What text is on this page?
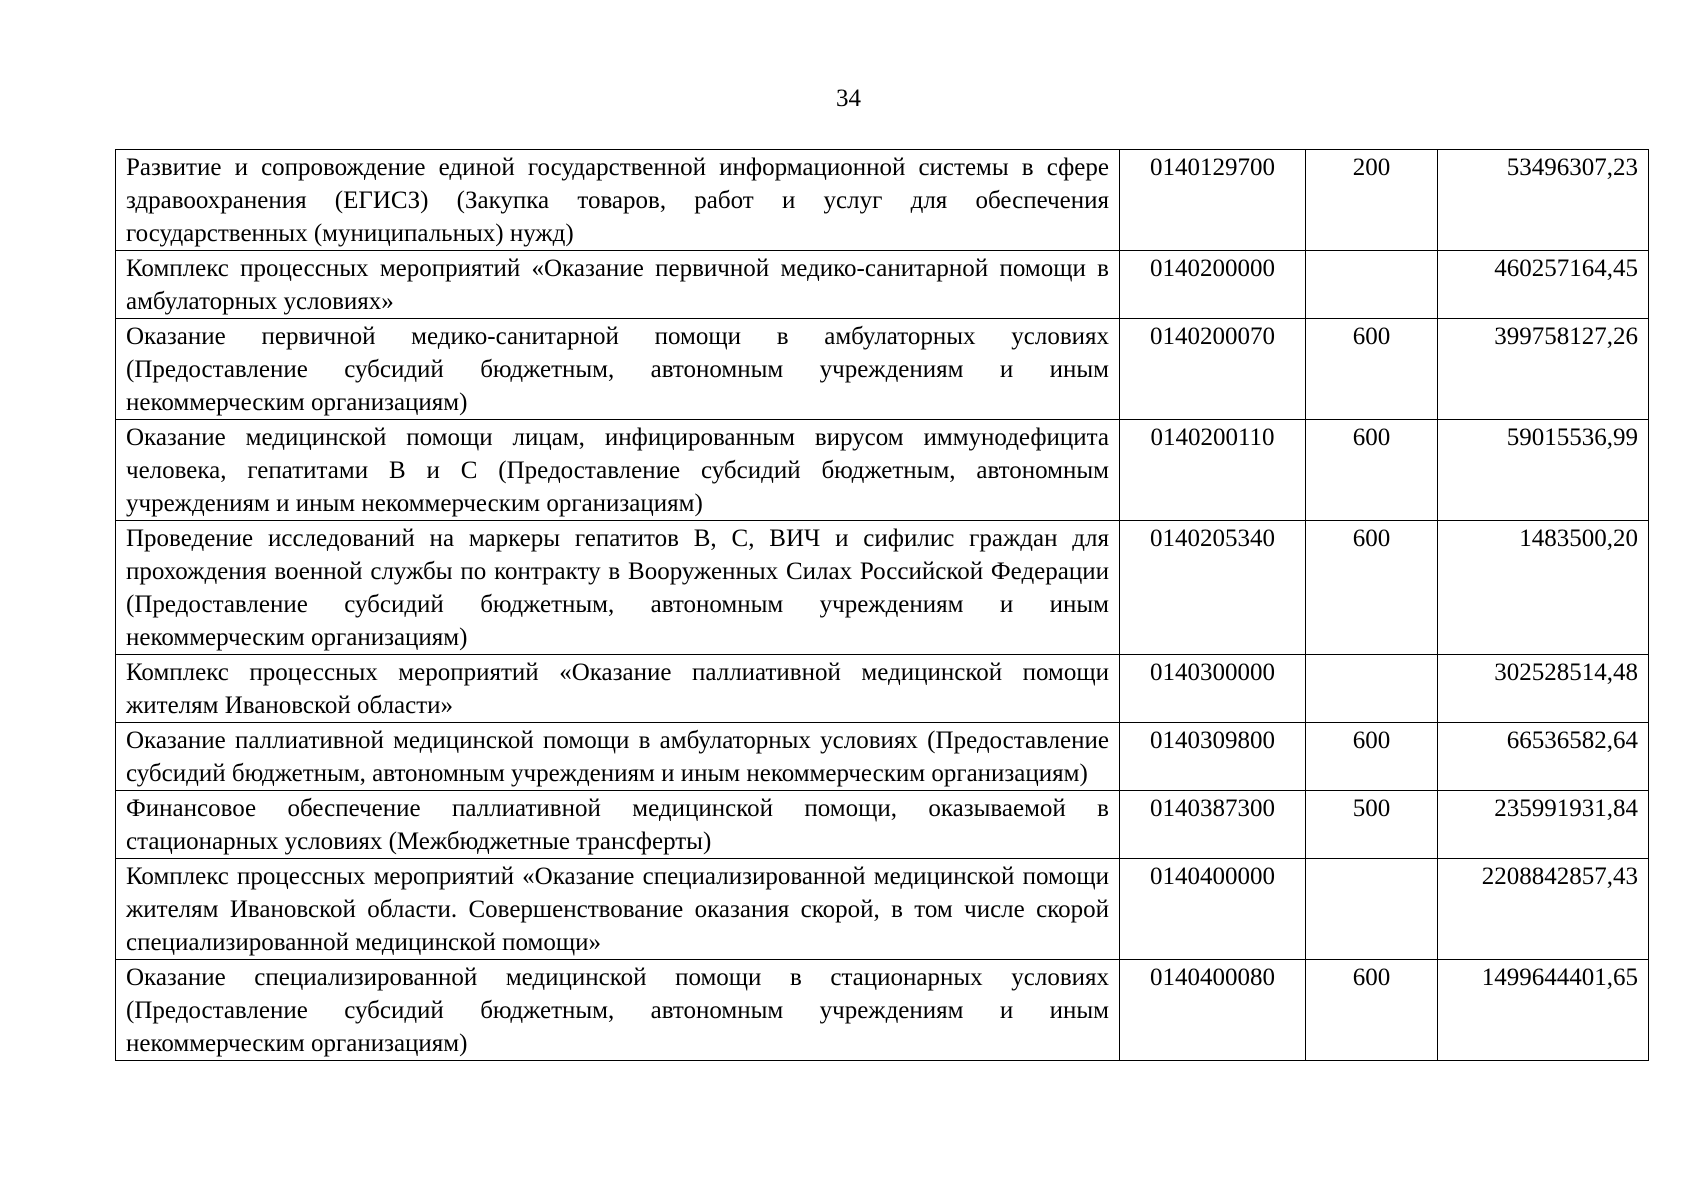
34
Развитие и сопровождение единой государственной информационной системы в сфере здравоохранения (ЕГИСЗ) (Закупка товаров, работ и услуг для обеспечения государственных (муниципальных) нужд)	0140129700	200	53496307,23
Комплекс процессных мероприятий «Оказание первичной медико-санитарной помощи в амбулаторных условиях»	0140200000		460257164,45
Оказание первичной медико-санитарной помощи в амбулаторных условиях (Предоставление субсидий бюджетным, автономным учреждениям и иным некоммерческим организациям)	0140200070	600	399758127,26
Оказание медицинской помощи лицам, инфицированным вирусом иммунодефицита человека, гепатитами В и С (Предоставление субсидий бюджетным, автономным учреждениям и иным некоммерческим организациям)	0140200110	600	59015536,99
Проведение исследований на маркеры гепатитов В, С, ВИЧ и сифилис граждан для прохождения военной службы по контракту в Вооруженных Силах Российской Федерации (Предоставление субсидий бюджетным, автономным учреждениям и иным некоммерческим организациям)	0140205340	600	1483500,20
Комплекс процессных мероприятий «Оказание паллиативной медицинской помощи жителям Ивановской области»	0140300000		302528514,48
Оказание паллиативной медицинской помощи в амбулаторных условиях (Предоставление субсидий бюджетным, автономным учреждениям и иным некоммерческим организациям)	0140309800	600	66536582,64
Финансовое обеспечение паллиативной медицинской помощи, оказываемой в стационарных условиях (Межбюджетные трансферты)	0140387300	500	235991931,84
Комплекс процессных мероприятий «Оказание специализированной медицинской помощи жителям Ивановской области. Совершенствование оказания скорой, в том числе скорой специализированной медицинской помощи»	0140400000		2208842857,43
Оказание специализированной медицинской помощи в стационарных условиях (Предоставление субсидий бюджетным, автономным учреждениям и иным некоммерческим организациям)	0140400080	600	1499644401,65
